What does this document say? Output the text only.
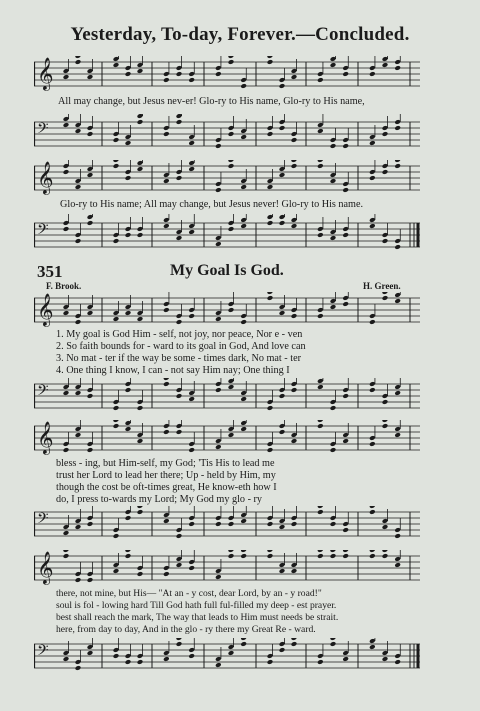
Yesterday, To-day, Forever.—Concluded.
𝄞
All may change, but Jesus nev-er! Glo-ry to His name, Glo-ry to His name,
𝄢
𝄞
Glo-ry to His name; All may change, but Jesus never! Glo-ry to His name.
𝄢
351	My Goal Is God.
F. Brook.	H. Green.
𝄞
1. My goal is God Him - self, not joy, nor peace, Nor e - ven
2. So faith bounds for - ward to its goal in God, And love can
3. No mat - ter if the way be some - times dark, No mat - ter
4. One thing I know, I can - not say Him nay; One thing I
𝄢
𝄞
bless - ing, but Him-self, my God; 'Tis His to lead me
trust her Lord to lead her there; Up - held by Him, my
though the cost be oft-times great, He know-eth how I
do, I press to-wards my Lord; My God my glo - ry
𝄢
𝄞
there, not mine, but His— "At an - y cost, dear Lord, by an - y road!"
soul is fol - lowing hard Till God hath full ful-filled my deep - est prayer.
best shall reach the mark, The way that leads to Him must needs be strait.
here, from day to day, And in the glo - ry there my Great Re - ward.
𝄢
